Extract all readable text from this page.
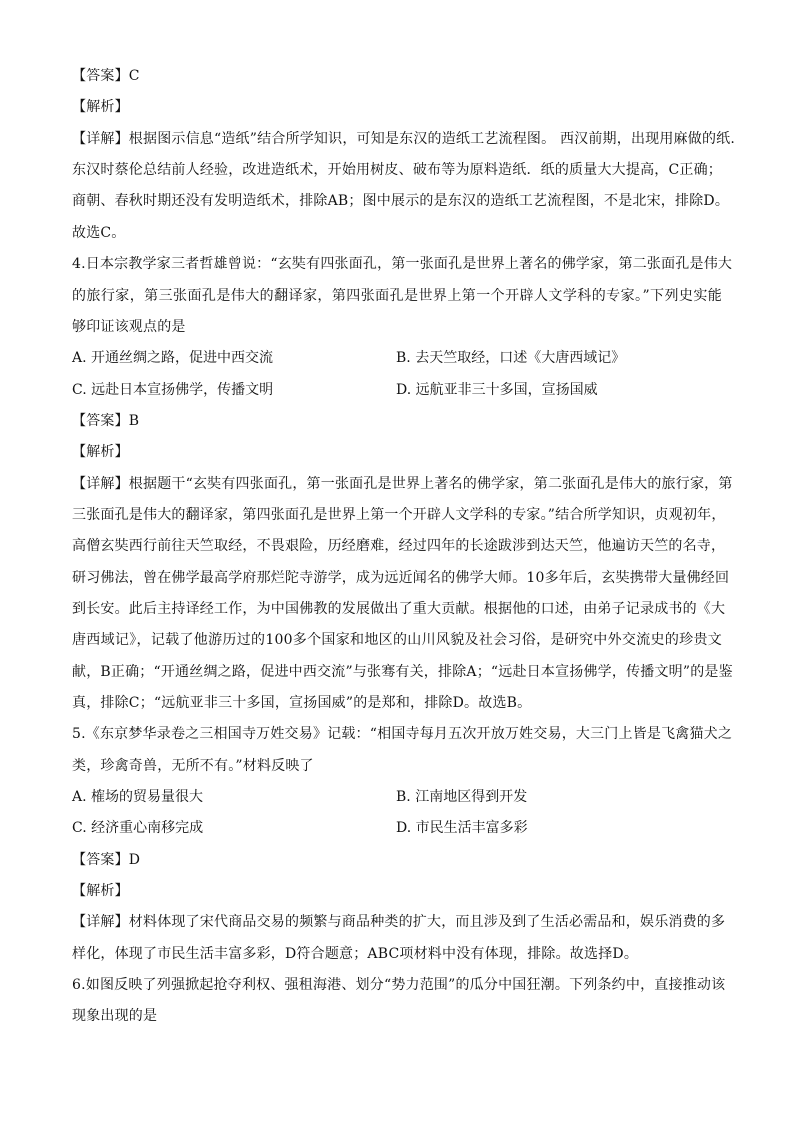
【答案】C
【解析】
【详解】根据图示信息“造纸”结合所学知识，可知是东汉的造纸工艺流程图。 西汉前期，出现用麻做的纸.
东汉时蔡伦总结前人经验，改进造纸术，开始用树皮、破布等为原料造纸．纸的质量大大提高，C正确；
商朝、春秋时期还没有发明造纸术，排除AB；图中展示的是东汉的造纸工艺流程图，不是北宋，排除D。
故选C。
4.日本宗教学家三者哲雄曾说：“玄奘有四张面孔，第一张面孔是世界上著名的佛学家，第二张面孔是伟大
的旅行家，第三张面孔是伟大的翻译家，第四张面孔是世界上第一个开辟人文学科的专家。”下列史实能
够印证该观点的是
A. 开通丝绸之路，促进中西交流	B. 去天竺取经，口述《大唐西域记》
C. 远赴日本宣扬佛学，传播文明	D. 远航亚非三十多国，宣扬国威
【答案】B
【解析】
【详解】根据题干“玄奘有四张面孔，第一张面孔是世界上著名的佛学家，第二张面孔是伟大的旅行家，第
三张面孔是伟大的翻译家，第四张面孔是世界上第一个开辟人文学科的专家。”结合所学知识，贞观初年，
高僧玄奘西行前往天竺取经，不畏艰险，历经磨难，经过四年的长途跋涉到达天竺，他遍访天竺的名寺，
研习佛法，曾在佛学最高学府那烂陀寺游学，成为远近闻名的佛学大师。10多年后，玄奘携带大量佛经回
到长安。此后主持译经工作，为中国佛教的发展做出了重大贡献。根据他的口述，由弟子记录成书的《大
唐西域记》，记载了他游历过的100多个国家和地区的山川风貌及社会习俗，是研究中外交流史的珍贵文
献，B正确；“开通丝绸之路，促进中西交流”与张骞有关，排除A；“远赴日本宣扬佛学，传播文明”的是鉴
真，排除C；“远航亚非三十多国，宣扬国威”的是郑和，排除D。故选B。
5.《东京梦华录卷之三相国寺万姓交易》记载：“相国寺每月五次开放万姓交易，大三门上皆是飞禽猫犬之
类，珍禽奇兽，无所不有。”材料反映了
A. 榷场的贸易量很大	B. 江南地区得到开发
C. 经济重心南移完成	D. 市民生活丰富多彩
【答案】D
【解析】
【详解】材料体现了宋代商品交易的频繁与商品种类的扩大，而且涉及到了生活必需品和，娱乐消费的多
样化，体现了市民生活丰富多彩，D符合题意；ABC项材料中没有体现，排除。故选择D。
6.如图反映了列强掀起抢夺利权、强租海港、划分“势力范围”的瓜分中国狂潮。下列条约中，直接推动该
现象出现的是
